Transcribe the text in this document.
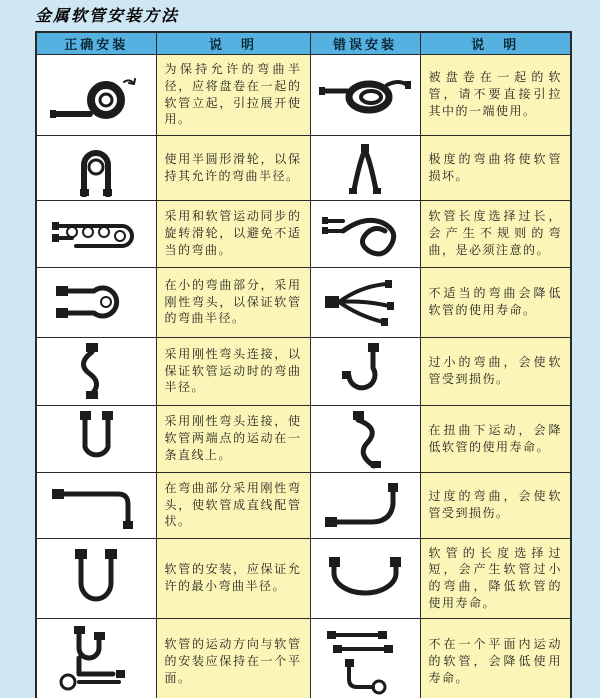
金属软管安装方法
正确安装	说　明	错误安装	说　明

	为保持允许的弯曲半径，应将盘卷在一起的软管立起，引拉展开使用。		被盘卷在一起的软管，请不要直接引拉其中的一端使用。

	使用半圆形滑轮，以保持其允许的弯曲半径。		极度的弯曲将使软管损坏。

	采用和软管运动同步的旋转滑轮，以避免不适当的弯曲。		软管长度选择过长，会产生不规则的弯曲，是必须注意的。

	在小的弯曲部分，采用刚性弯头，以保证软管的弯曲半径。		不适当的弯曲会降低软管的使用寿命。

	采用刚性弯头连接，以保证软管运动时的弯曲半径。		过小的弯曲，会使软管受到损伤。

	采用刚性弯头连接，使软管两端点的运动在一条直线上。		在扭曲下运动，会降低软管的使用寿命。

	在弯曲部分采用刚性弯头，使软管成直线配管状。		过度的弯曲，会使软管受到损伤。

	软管的安装，应保证允许的最小弯曲半径。		软管的长度选择过短，会产生软管过小的弯曲，降低软管的使用寿命。

	软管的运动方向与软管的安装应保持在一个平面。		不在一个平面内运动的软管，会降低使用寿命。
